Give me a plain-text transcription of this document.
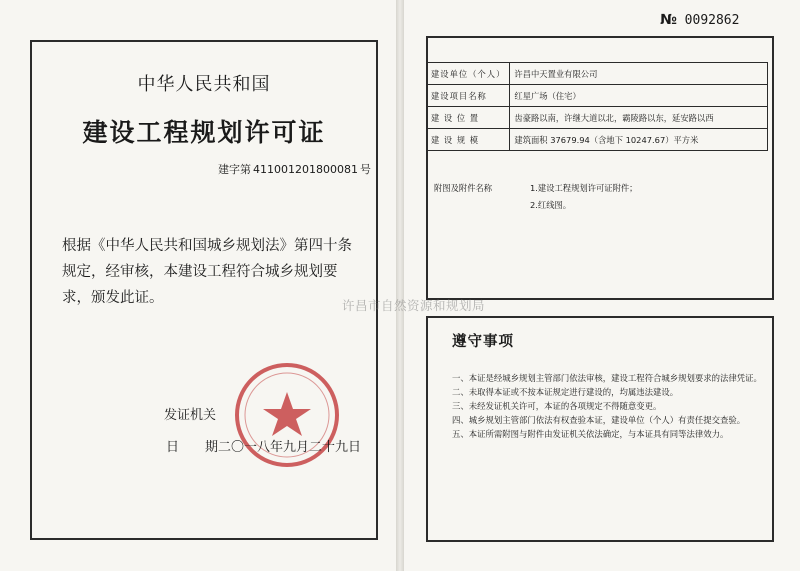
中华人民共和国
建设工程规划许可证
建字第 411001201800081 号
根据《中华人民共和国城乡规划法》第四十条规定，经审核，本建设工程符合城乡规划要求，颁发此证。
发证机关
日 期二〇一八年九月二十九日
№ 0092862
建设单位（个人）	许昌中天置业有限公司
建设项目名称	红星广场（住宅）
建 设 位 置	齿豪路以南，许继大道以北，霸陵路以东，延安路以西
建 设 规 模	建筑面积 37679.94（含地下 10247.67）平方米
附图及附件名称	1.建设工程规划许可证附件；
2.红线图。
遵守事项
一、本证是经城乡规划主管部门依法审核，建设工程符合城乡规划要求的法律凭证。
二、未取得本证或不按本证规定进行建设的，均属违法建设。
三、未经发证机关许可，本证的各项规定不得随意变更。
四、城乡规划主管部门依法有权查验本证，建设单位（个人）有责任提交查验。
五、本证所需附图与附件由发证机关依法确定，与本证具有同等法律效力。
许昌市自然资源和规划局
